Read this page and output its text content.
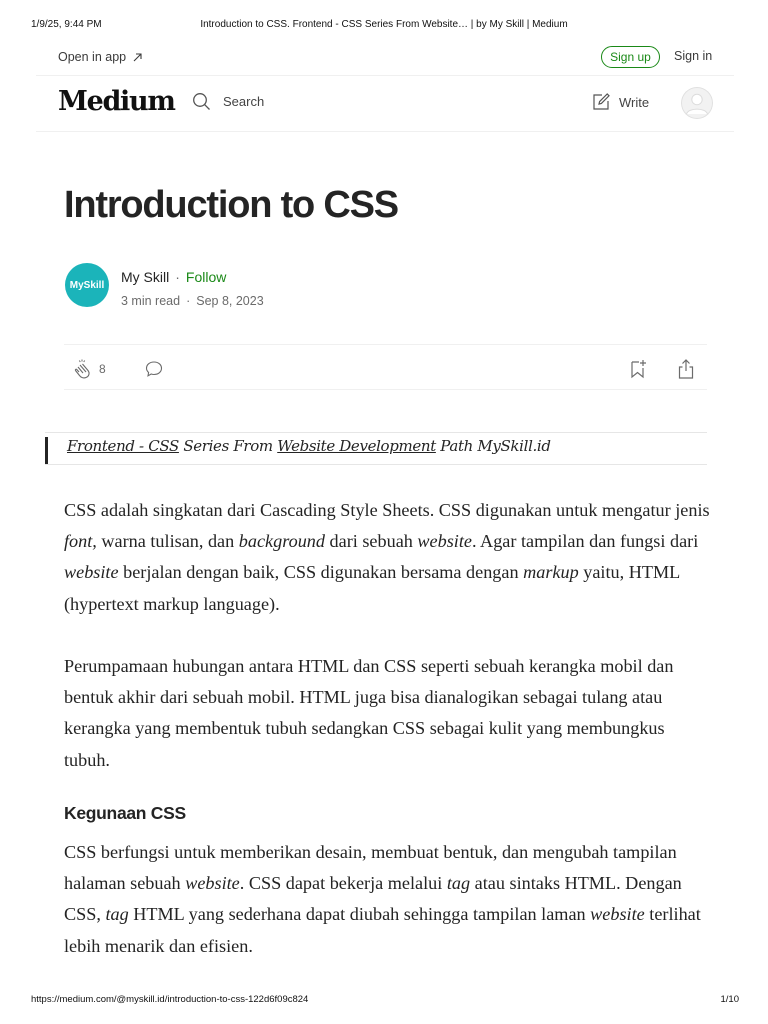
1/9/25, 9:44 PM	Introduction to CSS. Frontend - CSS Series From Website… | by My Skill | Medium
Open in app	Sign up	Sign in
Medium	Search	Write
Introduction to CSS
MySkill My Skill · Follow
3 min read · Sep 8, 2023
8
Frontend - CSS Series From Website Development Path MySkill.id

CSS adalah singkatan dari Cascading Style Sheets. CSS digunakan untuk mengatur jenis font, warna tulisan, dan background dari sebuah website. Agar tampilan dan fungsi dari website berjalan dengan baik, CSS digunakan bersama dengan markup yaitu, HTML (hypertext markup language).

Perumpamaan hubungan antara HTML dan CSS seperti sebuah kerangka mobil dan bentuk akhir dari sebuah mobil. HTML juga bisa dianalogikan sebagai tulang atau kerangka yang membentuk tubuh sedangkan CSS sebagai kulit yang membungkus tubuh.

Kegunaan CSS

CSS berfungsi untuk memberikan desain, membuat bentuk, dan mengubah tampilan halaman sebuah website. CSS dapat bekerja melalui tag atau sintaks HTML. Dengan CSS, tag HTML yang sederhana dapat diubah sehingga tampilan laman website terlihat lebih menarik dan efisien.

https://medium.com/@myskill.id/introduction-to-css-122d6f09c824	1/10
